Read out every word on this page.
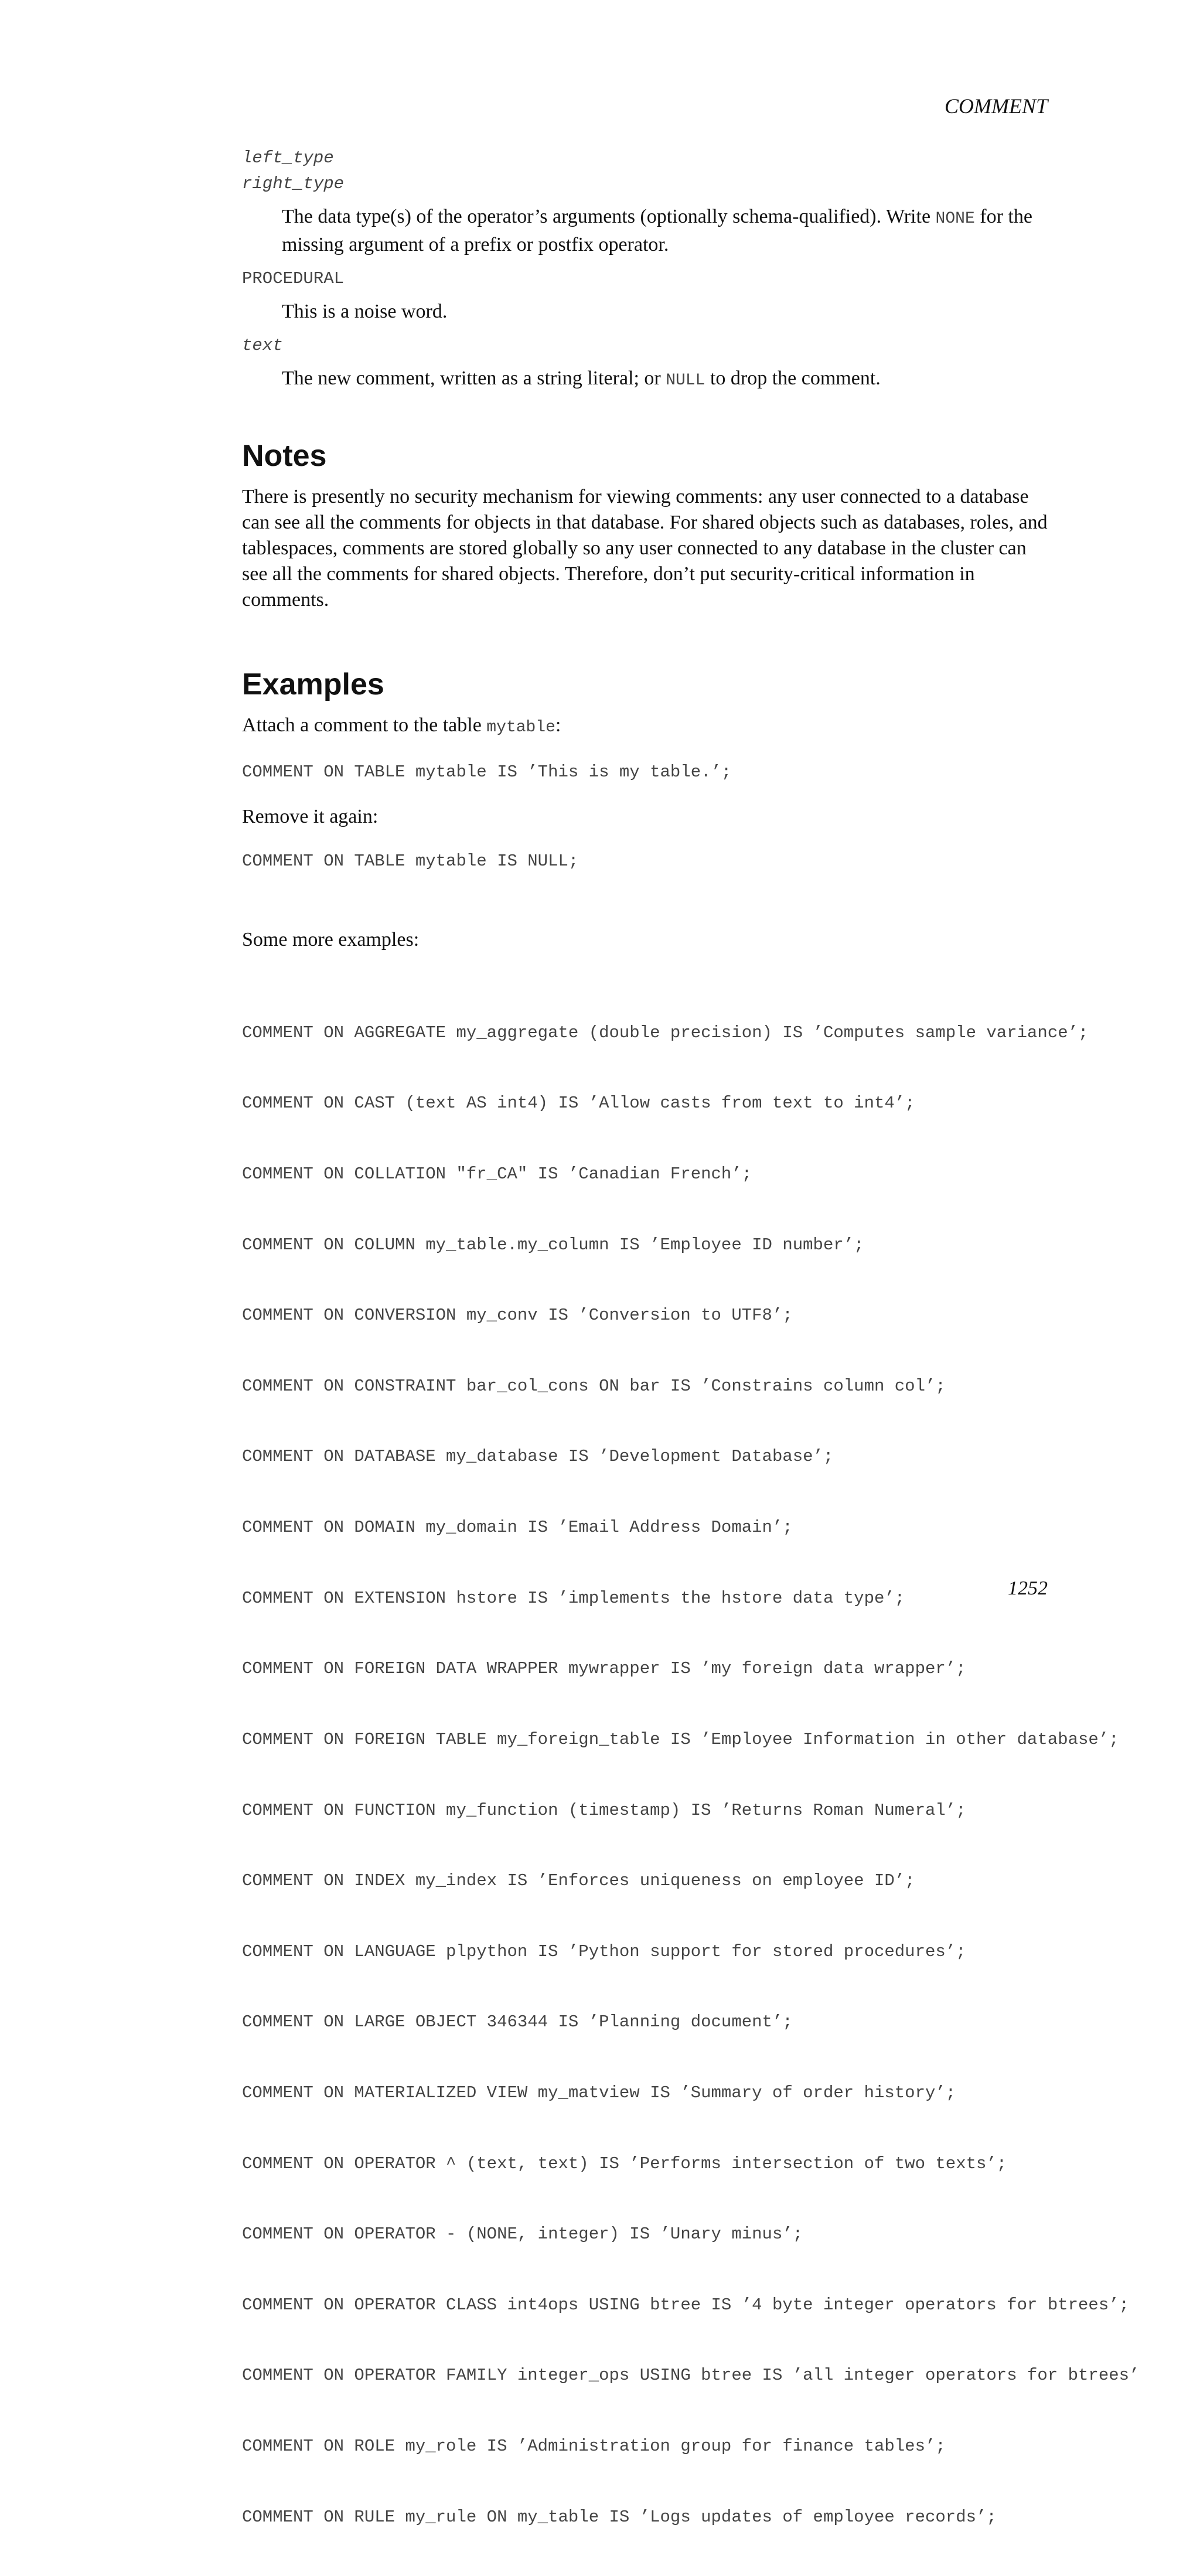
COMMENT
left_type
right_type
The data type(s) of the operator’s arguments (optionally schema-qualified). Write NONE for the missing argument of a prefix or postfix operator.
PROCEDURAL
This is a noise word.
text
The new comment, written as a string literal; or NULL to drop the comment.
Notes
There is presently no security mechanism for viewing comments: any user connected to a database can see all the comments for objects in that database. For shared objects such as databases, roles, and tablespaces, comments are stored globally so any user connected to any database in the cluster can see all the comments for shared objects. Therefore, don’t put security-critical information in comments.
Examples
Attach a comment to the table mytable:
COMMENT ON TABLE mytable IS ’This is my table.’;
Remove it again:
COMMENT ON TABLE mytable IS NULL;
Some more examples:

COMMENT ON AGGREGATE my_aggregate (double precision) IS ’Computes sample variance’;

COMMENT ON CAST (text AS int4) IS ’Allow casts from text to int4’;

COMMENT ON COLLATION "fr_CA" IS ’Canadian French’;

COMMENT ON COLUMN my_table.my_column IS ’Employee ID number’;

COMMENT ON CONVERSION my_conv IS ’Conversion to UTF8’;

COMMENT ON CONSTRAINT bar_col_cons ON bar IS ’Constrains column col’;

COMMENT ON DATABASE my_database IS ’Development Database’;

COMMENT ON DOMAIN my_domain IS ’Email Address Domain’;

COMMENT ON EXTENSION hstore IS ’implements the hstore data type’;

COMMENT ON FOREIGN DATA WRAPPER mywrapper IS ’my foreign data wrapper’;

COMMENT ON FOREIGN TABLE my_foreign_table IS ’Employee Information in other database’;

COMMENT ON FUNCTION my_function (timestamp) IS ’Returns Roman Numeral’;

COMMENT ON INDEX my_index IS ’Enforces uniqueness on employee ID’;

COMMENT ON LANGUAGE plpython IS ’Python support for stored procedures’;

COMMENT ON LARGE OBJECT 346344 IS ’Planning document’;

COMMENT ON MATERIALIZED VIEW my_matview IS ’Summary of order history’;

COMMENT ON OPERATOR ^ (text, text) IS ’Performs intersection of two texts’;

COMMENT ON OPERATOR - (NONE, integer) IS ’Unary minus’;

COMMENT ON OPERATOR CLASS int4ops USING btree IS ’4 byte integer operators for btrees’;

COMMENT ON OPERATOR FAMILY integer_ops USING btree IS ’all integer operators for btrees’

COMMENT ON ROLE my_role IS ’Administration group for finance tables’;

COMMENT ON RULE my_rule ON my_table IS ’Logs updates of employee records’;

1252
